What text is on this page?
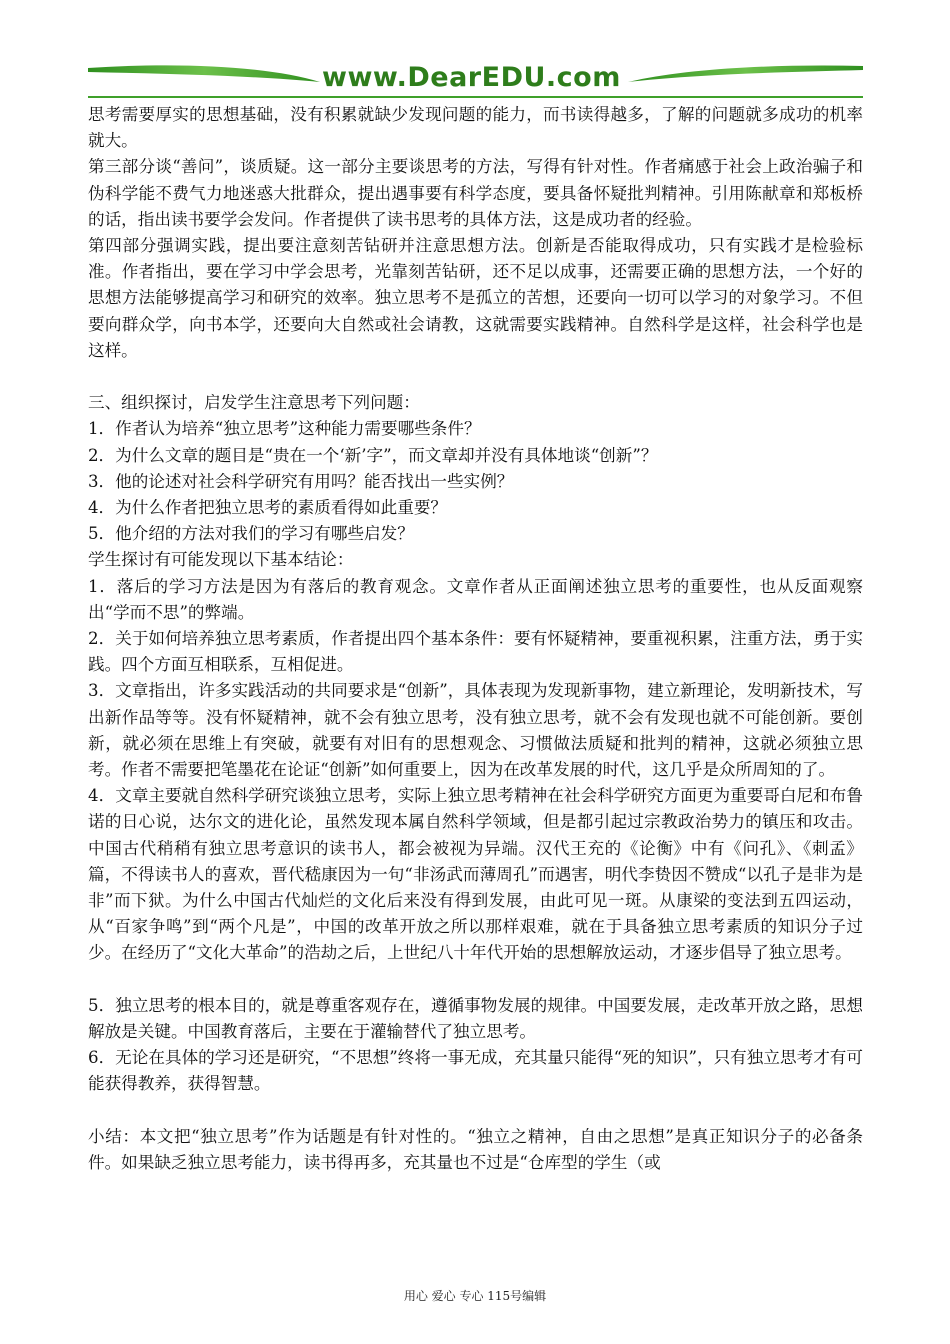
www.DearEDU.com

思考需要厚实的思想基础，没有积累就缺少发现问题的能力，而书读得越多，了解的问题就多成功的机率就大。

第三部分谈“善问”，谈质疑。这一部分主要谈思考的方法，写得有针对性。作者痛感于社会上政治骗子和伪科学能不费气力地迷惑大批群众，提出遇事要有科学态度，要具备怀疑批判精神。引用陈献章和郑板桥的话，指出读书要学会发问。作者提供了读书思考的具体方法，这是成功者的经验。

第四部分强调实践，提出要注意刻苦钻研并注意思想方法。创新是否能取得成功，只有实践才是检验标准。作者指出，要在学习中学会思考，光靠刻苦钻研，还不足以成事，还需要正确的思想方法，一个好的思想方法能够提高学习和研究的效率。独立思考不是孤立的苦想，还要向一切可以学习的对象学习。不但要向群众学，向书本学，还要向大自然或社会请教，这就需要实践精神。自然科学是这样，社会科学也是这样。

三、组织探讨，启发学生注意思考下列问题：

1．作者认为培养“独立思考”这种能力需要哪些条件？

2．为什么文章的题目是“贵在一个‘新’字”，而文章却并没有具体地谈“创新”？

3．他的论述对社会科学研究有用吗？能否找出一些实例？

4．为什么作者把独立思考的素质看得如此重要？

5．他介绍的方法对我们的学习有哪些启发？

学生探讨有可能发现以下基本结论：

1．落后的学习方法是因为有落后的教育观念。文章作者从正面阐述独立思考的重要性，也从反面观察出“学而不思”的弊端。

2．关于如何培养独立思考素质，作者提出四个基本条件：要有怀疑精神，要重视积累，注重方法，勇于实践。四个方面互相联系，互相促进。

3．文章指出，许多实践活动的共同要求是“创新”，具体表现为发现新事物，建立新理论，发明新技术，写出新作品等等。没有怀疑精神，就不会有独立思考，没有独立思考，就不会有发现也就不可能创新。要创新，就必须在思维上有突破，就要有对旧有的思想观念、习惯做法质疑和批判的精神，这就必须独立思考。作者不需要把笔墨花在论证“创新”如何重要上，因为在改革发展的时代，这几乎是众所周知的了。

4．文章主要就自然科学研究谈独立思考，实际上独立思考精神在社会科学研究方面更为重要哥白尼和布鲁诺的日心说，达尔文的进化论，虽然发现本属自然科学领域，但是都引起过宗教政治势力的镇压和攻击。中国古代稍稍有独立思考意识的读书人，都会被视为异端。汉代王充的《论衡》中有《问孔》、《刺孟》篇，不得读书人的喜欢，晋代嵇康因为一句“非汤武而薄周孔”而遇害，明代李贽因不赞成“以孔子是非为是非”而下狱。为什么中国古代灿烂的文化后来没有得到发展，由此可见一斑。从康梁的变法到五四运动，从“百家争鸣”到“两个凡是”，中国的改革开放之所以那样艰难，就在于具备独立思考素质的知识分子过少。在经历了“文化大革命”的浩劫之后，上世纪八十年代开始的思想解放运动，才逐步倡导了独立思考。

5．独立思考的根本目的，就是尊重客观存在，遵循事物发展的规律。中国要发展，走改革开放之路，思想解放是关键。中国教育落后，主要在于灌输替代了独立思考。

6．无论在具体的学习还是研究，“不思想”终将一事无成，充其量只能得“死的知识”，只有独立思考才有可能获得教养，获得智慧。

小结：本文把“独立思考”作为话题是有针对性的。“独立之精神，自由之思想”是真正知识分子的必备条件。如果缺乏独立思考能力，读书得再多，充其量也不过是“仓库型的学生（或

用心 爱心 专心 115号编辑
